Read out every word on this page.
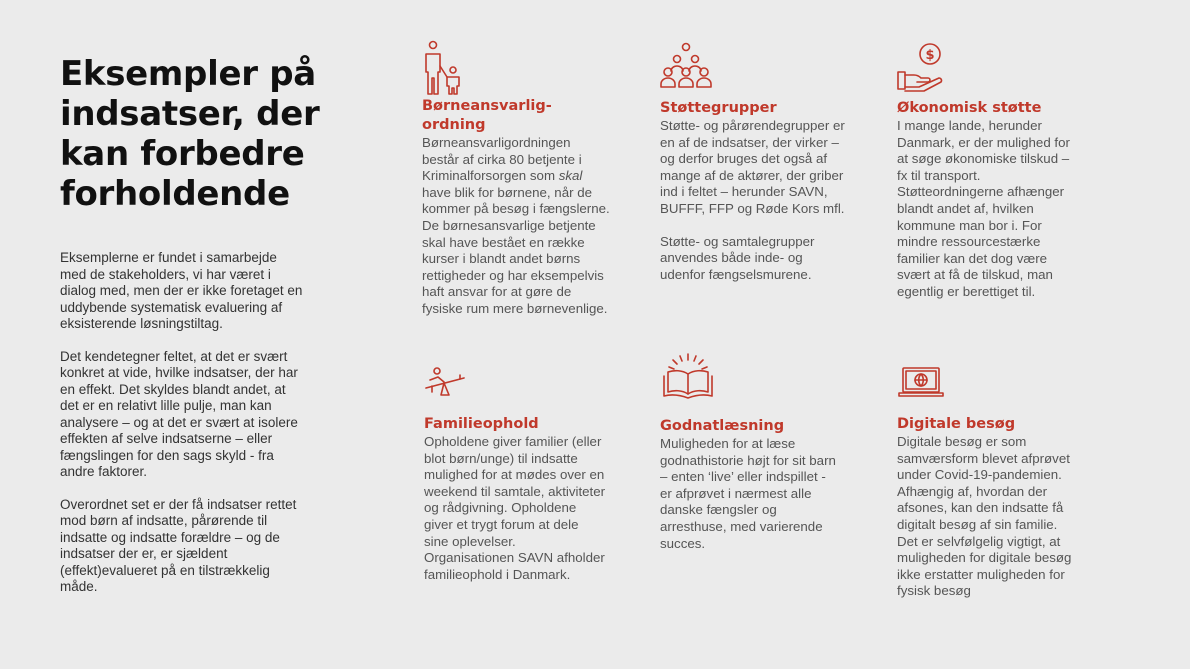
Eksempler på indsatser, der kan forbedre forholdende

Eksemplerne er fundet i samarbejde med de stakeholders, vi har været i dialog med, men der er ikke foretaget en uddybende systematisk evaluering af eksisterende løsningstiltag.

Det kendetegner feltet, at det er svært konkret at vide, hvilke indsatser, der har en effekt. Det skyldes blandt andet, at det er en relativt lille pulje, man kan analysere – og at det er svært at isolere effekten af selve indsatserne – eller fængslingen for den sags skyld - fra andre faktorer.

Overordnet set er der få indsatser rettet mod børn af indsatte, pårørende til indsatte og indsatte forældre – og de indsatser der er, er sjældent (effekt)evalueret på en tilstrækkelig måde.

Børneansvarlig-ordning

Børneansvarligordningen består af cirka 80 betjente i Kriminalforsorgen som skal have blik for børnene, når de kommer på besøg i fængslerne. De børnesansvarlige betjente skal have bestået en række kurser i blandt andet børns rettigheder og har eksempelvis haft ansvar for at gøre de fysiske rum mere børnevenlige.

Støttegrupper

Støtte- og pårørendegrupper er en af de indsatser, der virker – og derfor bruges det også af mange af de aktører, der griber ind i feltet – herunder SAVN, BUFFF, FFP og Røde Kors mfl.

Støtte- og samtalegrupper anvendes både inde- og udenfor fængselsmurene.

$
Økonomisk støtte

I mange lande, herunder Danmark, er der mulighed for at søge økonomiske tilskud – fx til transport. Støtteordningerne afhænger blandt andet af, hvilken kommune man bor i. For mindre ressourcestærke familier kan det dog være svært at få de tilskud, man egentlig er berettiget til.

Familieophold

Opholdene giver familier (eller blot børn/unge) til indsatte mulighed for at mødes over en weekend til samtale, aktiviteter og rådgivning. Opholdene giver et trygt forum at dele sine oplevelser. Organisationen SAVN afholder familieophold i Danmark.

Godnatlæsning

Muligheden for at læse godnathistorie højt for sit barn – enten ‘live’ eller indspillet - er afprøvet i nærmest alle danske fængsler og arresthuse, med varierende succes.

Digitale besøg

Digitale besøg er som samværsform blevet afprøvet under Covid-19-pandemien. Afhængig af, hvordan der afsones, kan den indsatte få digitalt besøg af sin familie.
Det er selvfølgelig vigtigt, at muligheden for digitale besøg ikke erstatter muligheden for fysisk besøg
